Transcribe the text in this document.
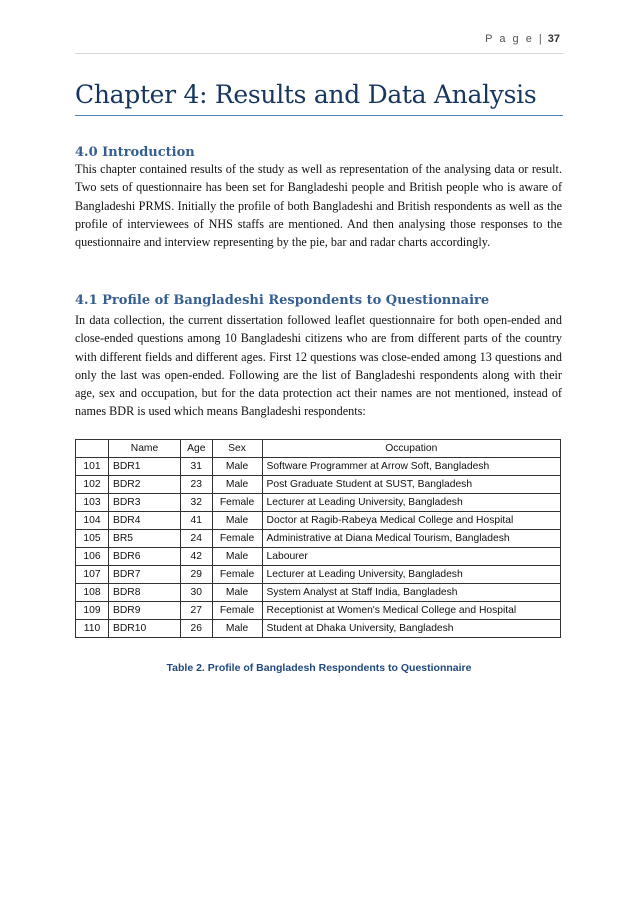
P a g e | 37
Chapter 4: Results and Data Analysis
4.0 Introduction

This chapter contained results of the study as well as representation of the analysing data or result. Two sets of questionnaire has been set for Bangladeshi people and British people who is aware of Bangladeshi PRMS. Initially the profile of both Bangladeshi and British respondents as well as the profile of interviewees of NHS staffs are mentioned. And then analysing those responses to the questionnaire and interview representing by the pie, bar and radar charts accordingly.

4.1 Profile of Bangladeshi Respondents to Questionnaire

In data collection, the current dissertation followed leaflet questionnaire for both open-ended and close-ended questions among 10 Bangladeshi citizens who are from different parts of the country with different fields and different ages. First 12 questions was close-ended among 13 questions and only the last was open-ended. Following are the list of Bangladeshi respondents along with their age, sex and occupation, but for the data protection act their names are not mentioned, instead of names BDR is used which means Bangladeshi respondents:

	Name	Age	Sex	Occupation
101	BDR1	31	Male	Software Programmer at Arrow Soft, Bangladesh
102	BDR2	23	Male	Post Graduate Student at SUST, Bangladesh
103	BDR3	32	Female	Lecturer at Leading University, Bangladesh
104	BDR4	41	Male	Doctor at Ragib-Rabeya Medical College and Hospital
105	BR5	24	Female	Administrative at Diana Medical Tourism, Bangladesh
106	BDR6	42	Male	Labourer
107	BDR7	29	Female	Lecturer at Leading University, Bangladesh
108	BDR8	30	Male	System Analyst at Staff India, Bangladesh
109	BDR9	27	Female	Receptionist at Women's Medical College and Hospital
110	BDR10	26	Male	Student at Dhaka University, Bangladesh
Table 2. Profile of Bangladesh Respondents to Questionnaire
